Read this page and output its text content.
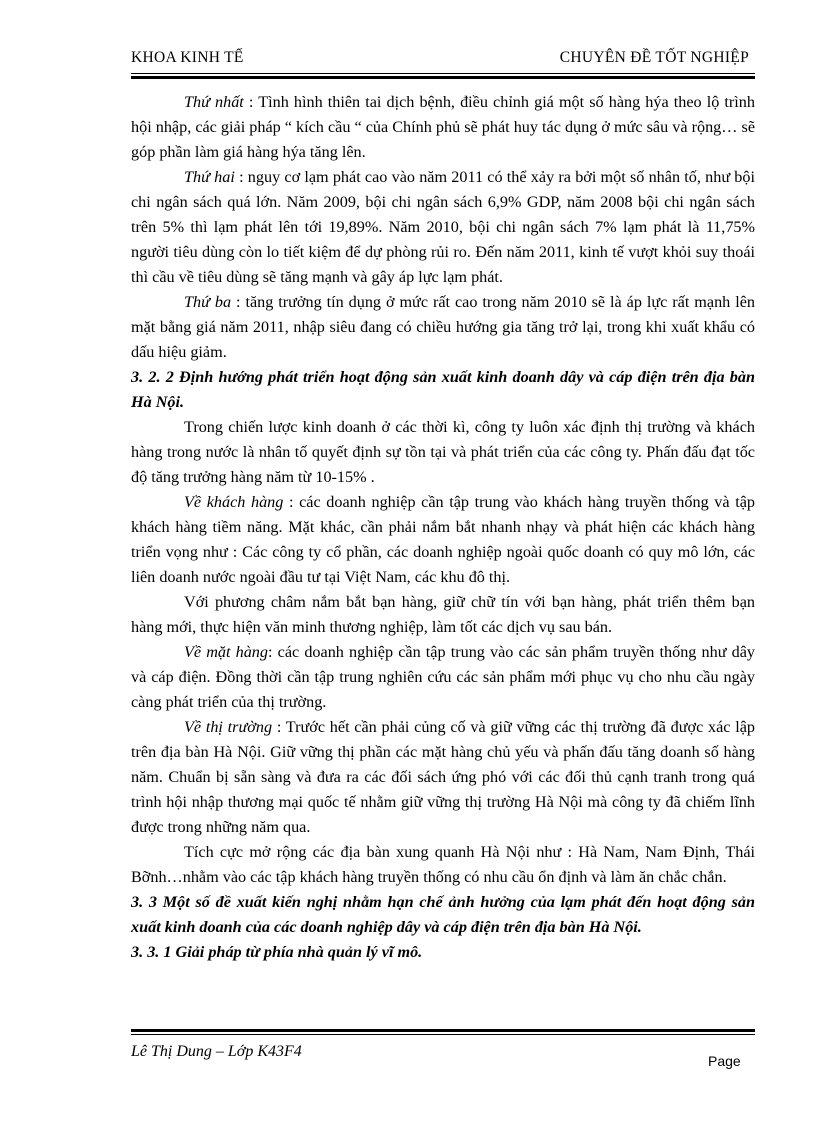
KHOA KINH TẾ	CHUYÊN ĐỀ TỐT NGHIỆP

Thứ nhất : Tình hình thiên tai dịch bệnh, điều chỉnh giá một số hàng hýa theo lộ trình hội nhập, các giải pháp “ kích cầu “ của Chính phủ sẽ phát huy tác dụng ở mức sâu và rộng… sẽ góp phần làm giá hàng hýa tăng lên.

Thứ hai : nguy cơ lạm phát cao vào năm 2011 có thể xảy ra bởi một số nhân tố, như bội chi ngân sách quá lớn. Năm 2009, bội chi ngân sách 6,9% GDP, năm 2008 bội chi ngân sách trên 5% thì lạm phát lên tới 19,89%. Năm 2010, bội chi ngân sách 7% lạm phát là 11,75% người tiêu dùng còn lo tiết kiệm để dự phòng rủi ro. Đến năm 2011, kinh tế vượt khỏi suy thoái thì cầu về tiêu dùng sẽ tăng mạnh và gây áp lực lạm phát.

Thứ ba : tăng trưởng tín dụng ở mức rất cao trong năm 2010 sẽ là áp lực rất mạnh lên mặt bằng giá năm 2011, nhập siêu đang có chiều hướng gia tăng trở lại, trong khi xuất khẩu có dấu hiệu giảm.

3. 2. 2 Định hướng phát triển hoạt động sản xuất kinh doanh dây và cáp điện trên địa bàn Hà Nội.

Trong chiến lược kinh doanh ở các thời kì, công ty luôn xác định thị trường và khách hàng trong nước là nhân tố quyết định sự tồn tại và phát triển của các công ty. Phấn đấu đạt tốc độ tăng trưởng hàng năm từ 10-15% .

Về khách hàng : các doanh nghiệp cần tập trung vào khách hàng truyền thống và tập khách hàng tiềm năng. Mặt khác, cần phải nắm bắt nhanh nhạy và phát hiện các khách hàng triển vọng như : Các công ty cổ phần, các doanh nghiệp ngoài quốc doanh có quy mô lớn, các liên doanh nước ngoài đầu tư tại Việt Nam, các khu đô thị.

Với phương châm nắm bắt bạn hàng, giữ chữ tín với bạn hàng, phát triển thêm bạn hàng mới, thực hiện văn minh thương nghiệp, làm tốt các dịch vụ sau bán.

Về mặt hàng: các doanh nghiệp cần tập trung vào các sản phẩm truyền thống như dây và cáp điện. Đồng thời cần tập trung nghiên cứu các sản phẩm mới phục vụ cho nhu cầu ngày càng phát triển của thị trường.

Về thị trường : Trước hết cần phải củng cố và giữ vững các thị trường đã được xác lập trên địa bàn Hà Nội. Giữ vững thị phần các mặt hàng chủ yếu và phấn đấu tăng doanh số hàng năm. Chuẩn bị sẵn sàng và đưa ra các đối sách ứng phó với các đối thủ cạnh tranh trong quá trình hội nhập thương mại quốc tế nhằm giữ vững thị trường Hà Nội mà công ty đã chiếm lĩnh được trong những năm qua.

Tích cực mở rộng các địa bàn xung quanh Hà Nội như : Hà Nam, Nam Định, Thái Bỡnh…nhằm vào các tập khách hàng truyền thống có nhu cầu ổn định và làm ăn chắc chắn.

3. 3 Một số đề xuất kiến nghị nhằm hạn chế ảnh hưởng của lạm phát đến hoạt động sản xuất kinh doanh của các doanh nghiệp dây và cáp điện trên địa bàn Hà Nội.

3. 3. 1 Giải pháp từ phía nhà quản lý vĩ mô.

Lê Thị Dung – Lớp K43F4
Page
